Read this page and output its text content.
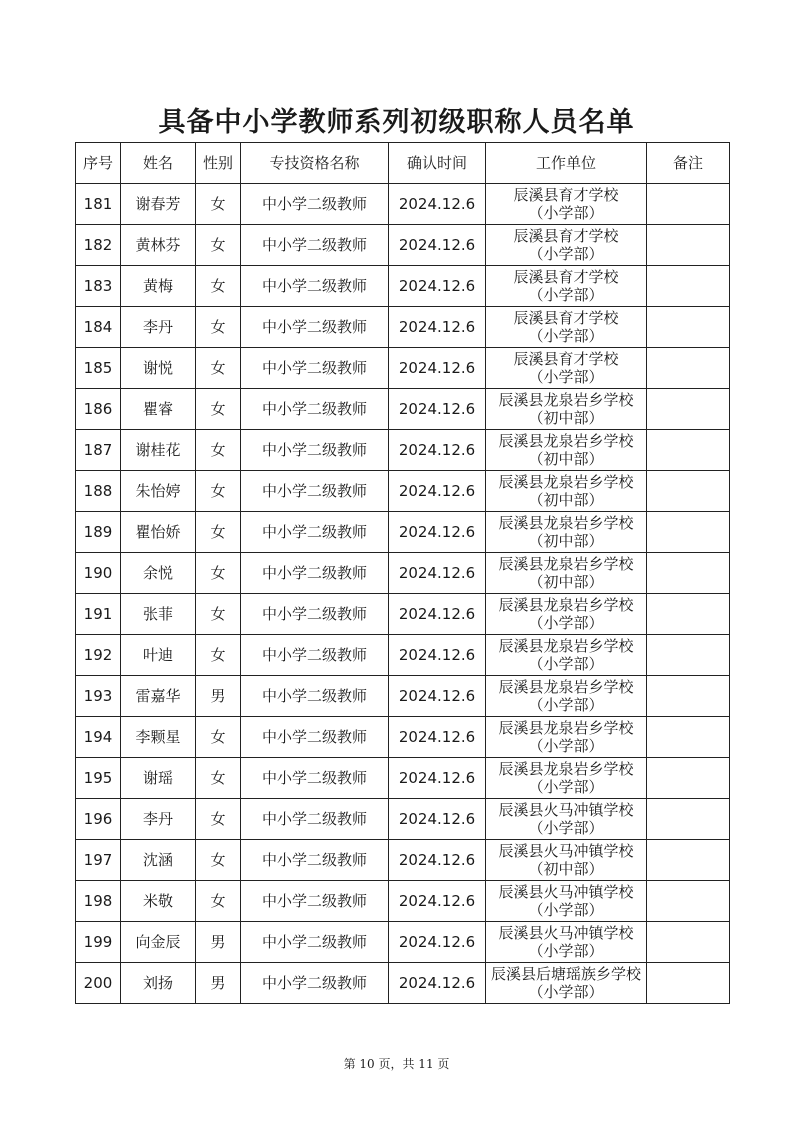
具备中小学教师系列初级职称人员名单
序号	姓名	性别	专技资格名称	确认时间	工作单位	备注
181	谢春芳	女	中小学二级教师	2024.12.6	辰溪县育才学校
（小学部）	

182	黄林芬	女	中小学二级教师	2024.12.6	辰溪县育才学校
（小学部）	

183	黄梅	女	中小学二级教师	2024.12.6	辰溪县育才学校
（小学部）	

184	李丹	女	中小学二级教师	2024.12.6	辰溪县育才学校
（小学部）	

185	谢悦	女	中小学二级教师	2024.12.6	辰溪县育才学校
（小学部）	

186	瞿睿	女	中小学二级教师	2024.12.6	辰溪县龙泉岩乡学校
（初中部）	

187	谢桂花	女	中小学二级教师	2024.12.6	辰溪县龙泉岩乡学校
（初中部）	

188	朱怡婷	女	中小学二级教师	2024.12.6	辰溪县龙泉岩乡学校
（初中部）	

189	瞿怡娇	女	中小学二级教师	2024.12.6	辰溪县龙泉岩乡学校
（初中部）	

190	余悦	女	中小学二级教师	2024.12.6	辰溪县龙泉岩乡学校
（初中部）	

191	张菲	女	中小学二级教师	2024.12.6	辰溪县龙泉岩乡学校
（小学部）	

192	叶迪	女	中小学二级教师	2024.12.6	辰溪县龙泉岩乡学校
（小学部）	

193	雷嘉华	男	中小学二级教师	2024.12.6	辰溪县龙泉岩乡学校
（小学部）	

194	李颗星	女	中小学二级教师	2024.12.6	辰溪县龙泉岩乡学校
（小学部）	

195	谢瑶	女	中小学二级教师	2024.12.6	辰溪县龙泉岩乡学校
（小学部）	

196	李丹	女	中小学二级教师	2024.12.6	辰溪县火马冲镇学校
（小学部）	

197	沈涵	女	中小学二级教师	2024.12.6	辰溪县火马冲镇学校
（初中部）	

198	米敬	女	中小学二级教师	2024.12.6	辰溪县火马冲镇学校
（小学部）	

199	向金辰	男	中小学二级教师	2024.12.6	辰溪县火马冲镇学校
（小学部）	

200	刘扬	男	中小学二级教师	2024.12.6	辰溪县后塘瑶族乡学校
（小学部）	

第 10 页，共 11 页
